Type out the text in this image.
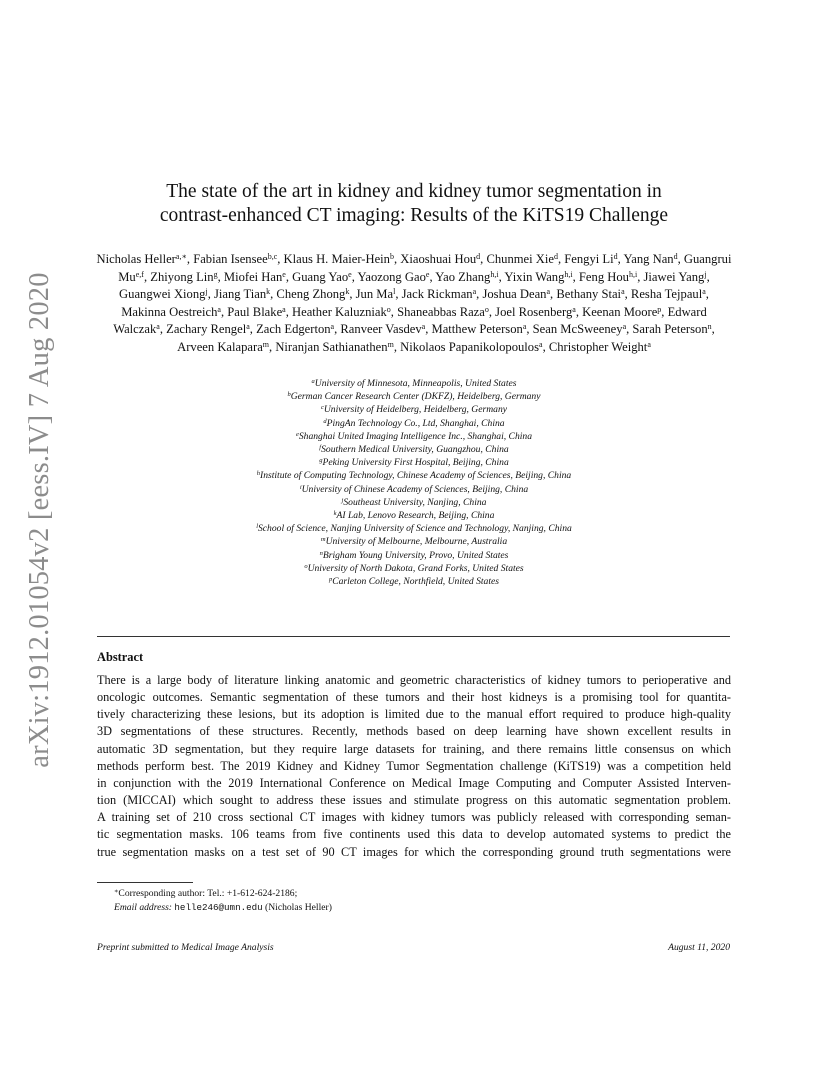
arXiv:1912.01054v2 [eess.IV] 7 Aug 2020
The state of the art in kidney and kidney tumor segmentation in
contrast-enhanced CT imaging: Results of the KiTS19 Challenge
Nicholas Heller$^{a,∗}$, Fabian Isensee$^{b,c}$, Klaus H. Maier-Hein$^b$, Xiaoshuai Hou$^d$, Chunmei Xie$^d$, Fengyi Li$^d$, Yang Nan$^d$, Guangrui Mu$^{e,f}$, Zhiyong Lin$^g$, Miofei Han$^e$, Guang Yao$^e$, Yaozong Gao$^e$, Yao Zhang$^{h,i}$, Yixin Wang$^{h,i}$, Feng Hou$^{h,i}$, Jiawei Yang$^j$, Guangwei Xiong$^j$, Jiang Tian$^k$, Cheng Zhong$^k$, Jun Ma$^l$, Jack Rickman$^a$, Joshua Dean$^a$, Bethany Stai$^a$, Resha Tejpaul$^a$, Makinna Oestreich$^a$, Paul Blake$^a$, Heather Kaluzniak$^o$, Shaneabbas Raza$^o$, Joel Rosenberg$^a$, Keenan Moore$^p$, Edward Walczak$^a$, Zachary Rengel$^a$, Zach Edgerton$^a$, Ranveer Vasdev$^a$, Matthew Peterson$^a$, Sean McSweeney$^a$, Sarah Peterson$^n$, Arveen Kalapara$^m$, Niranjan Sathianathen$^m$, Nikolaos Papanikolopoulos$^a$, Christopher Weight$^a$
$^a$University of Minnesota, Minneapolis, United States
$^b$German Cancer Research Center (DKFZ), Heidelberg, Germany
$^c$University of Heidelberg, Heidelberg, Germany
$^d$PingAn Technology Co., Ltd, Shanghai, China
$^e$Shanghai United Imaging Intelligence Inc., Shanghai, China
$^f$Southern Medical University, Guangzhou, China
$^g$Peking University First Hospital, Beijing, China
$^h$Institute of Computing Technology, Chinese Academy of Sciences, Beijing, China
$^i$University of Chinese Academy of Sciences, Beijing, China
$^j$Southeast University, Nanjing, China
$^k$AI Lab, Lenovo Research, Beijing, China
$^l$School of Science, Nanjing University of Science and Technology, Nanjing, China
$^m$University of Melbourne, Melbourne, Australia
$^n$Brigham Young University, Provo, United States
$^o$University of North Dakota, Grand Forks, United States
$^p$Carleton College, Northfield, United States
Abstract
There is a large body of literature linking anatomic and geometric characteristics of kidney tumors to perioperative and
oncologic outcomes. Semantic segmentation of these tumors and their host kidneys is a promising tool for quantita-
tively characterizing these lesions, but its adoption is limited due to the manual effort required to produce high-quality
3D segmentations of these structures. Recently, methods based on deep learning have shown excellent results in
automatic 3D segmentation, but they require large datasets for training, and there remains little consensus on which
methods perform best. The 2019 Kidney and Kidney Tumor Segmentation challenge (KiTS19) was a competition held
in conjunction with the 2019 International Conference on Medical Image Computing and Computer Assisted Interven-
tion (MICCAI) which sought to address these issues and stimulate progress on this automatic segmentation problem.
A training set of 210 cross sectional CT images with kidney tumors was publicly released with corresponding seman-
tic segmentation masks. 106 teams from five continents used this data to develop automated systems to predict the
true segmentation masks on a test set of 90 CT images for which the corresponding ground truth segmentations were
∗Corresponding author: Tel.: +1-612-624-2186;
Email address: helle246@umn.edu (Nicholas Heller)
Preprint submitted to Medical Image Analysis	August 11, 2020
